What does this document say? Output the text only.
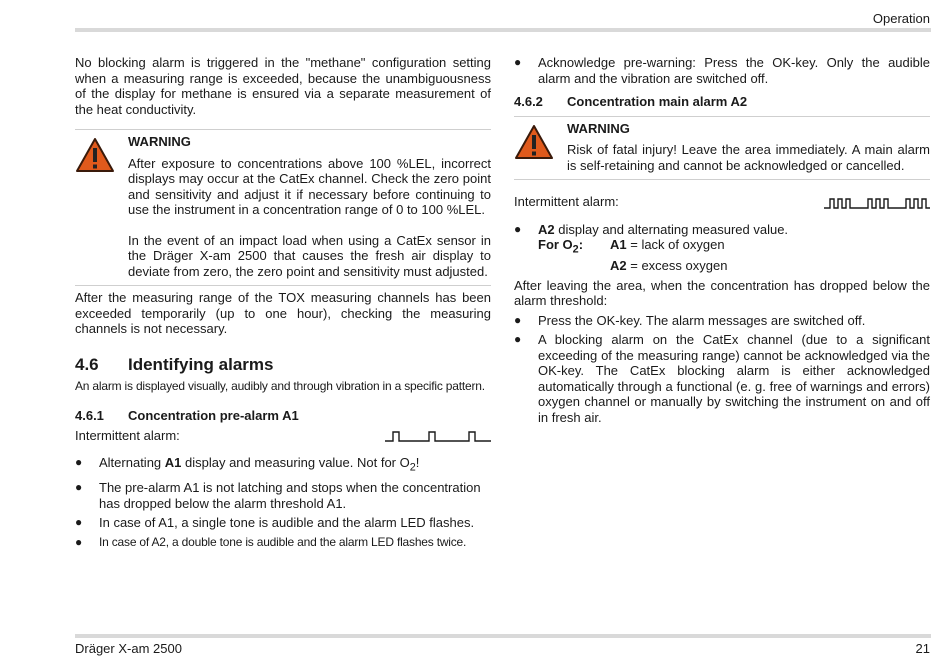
Operation

No blocking alarm is triggered in the "methane" configuration setting when a measuring range is exceeded, because the unambiguousness of the display for methane is ensured via a separate measurement of the heat conductivity.

WARNING

After exposure to concentrations above 100 %LEL, incorrect displays may occur at the CatEx channel. Check the zero point and sensitivity and adjust it if necessary before continuing to use the instrument in a concentration range of 0 to 100 %LEL.

In the event of an impact load when using a CatEx sensor in the Dräger X-am 2500 that causes the fresh air display to deviate from zero, the zero point and sensitivity must adjusted.

After the measuring range of the TOX measuring channels has been exceeded temporarily (up to one hour), checking the measuring channels is not necessary.

4.6	Identifying alarms

An alarm is displayed visually, audibly and through vibration in a specific pattern.

4.6.1	Concentration pre-alarm A1
Intermittent alarm:
●	Alternating A1 display and measuring value. Not for $O_2$!
●	The pre-alarm A1 is not latching and stops when the concentration has dropped below the alarm threshold A1.
●	In case of A1, a single tone is audible and the alarm LED flashes.
●	In case of A2, a double tone is audible and the alarm LED flashes twice.
●	Acknowledge pre-warning: Press the OK-key. Only the audible alarm and the vibration are switched off.
4.6.2	Concentration main alarm A2
WARNING

Risk of fatal injury! Leave the area immediately. A main alarm is self-retaining and cannot be acknowledged or cancelled.

Intermittent alarm:
●	A2 display and alternating measured value.
For $O_2$:	A1 = lack of oxygen
A2 = excess oxygen

After leaving the area, when the concentration has dropped below the alarm threshold:

●	Press the OK-key. The alarm messages are switched off.
●	A blocking alarm on the CatEx channel (due to a significant exceeding of the measuring range) cannot be acknowledged via the OK-key. The CatEx blocking alarm is either acknowledged automatically through a functional (e. g. free of warnings and errors) oxygen channel or manually by switching the instrument on and off in fresh air.
Dräger X-am 2500	21
